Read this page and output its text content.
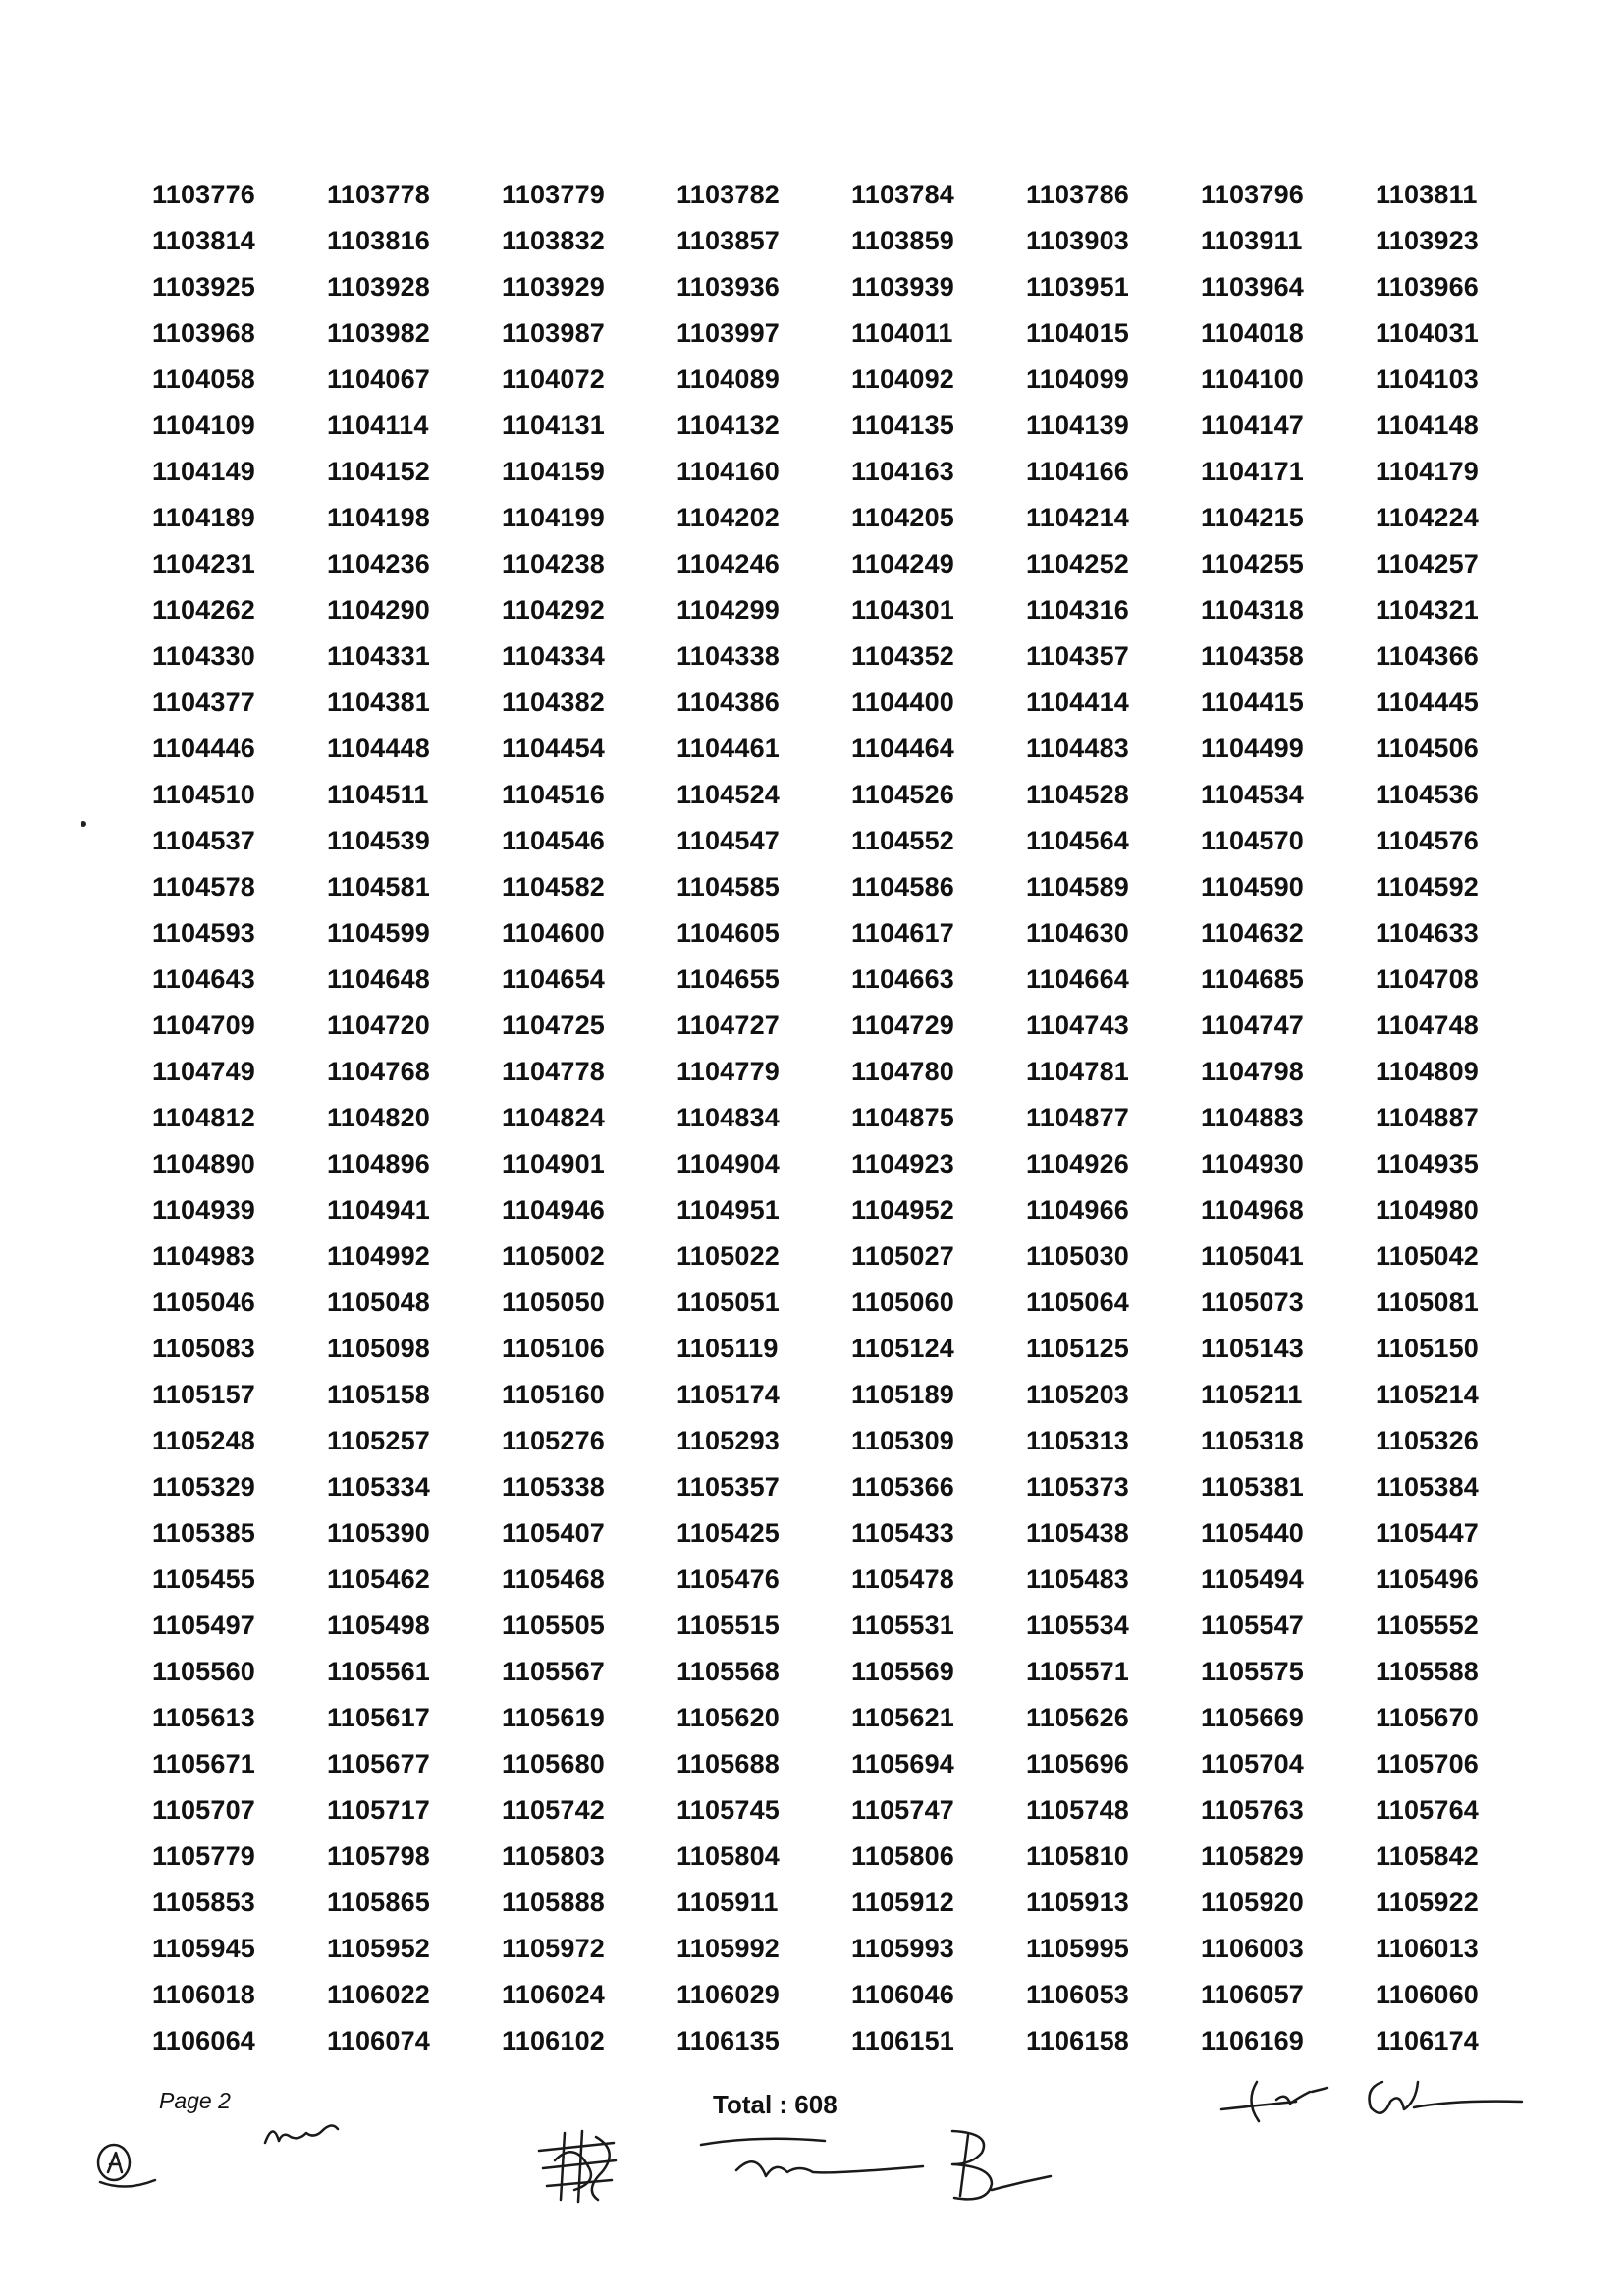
1103776	1103778	1103779	1103782	1103784	1103786	1103796	1103811
1103814	1103816	1103832	1103857	1103859	1103903	1103911	1103923
1103925	1103928	1103929	1103936	1103939	1103951	1103964	1103966
1103968	1103982	1103987	1103997	1104011	1104015	1104018	1104031
1104058	1104067	1104072	1104089	1104092	1104099	1104100	1104103
1104109	1104114	1104131	1104132	1104135	1104139	1104147	1104148
1104149	1104152	1104159	1104160	1104163	1104166	1104171	1104179
1104189	1104198	1104199	1104202	1104205	1104214	1104215	1104224
1104231	1104236	1104238	1104246	1104249	1104252	1104255	1104257
1104262	1104290	1104292	1104299	1104301	1104316	1104318	1104321
1104330	1104331	1104334	1104338	1104352	1104357	1104358	1104366
1104377	1104381	1104382	1104386	1104400	1104414	1104415	1104445
1104446	1104448	1104454	1104461	1104464	1104483	1104499	1104506
1104510	1104511	1104516	1104524	1104526	1104528	1104534	1104536
1104537	1104539	1104546	1104547	1104552	1104564	1104570	1104576
1104578	1104581	1104582	1104585	1104586	1104589	1104590	1104592
1104593	1104599	1104600	1104605	1104617	1104630	1104632	1104633
1104643	1104648	1104654	1104655	1104663	1104664	1104685	1104708
1104709	1104720	1104725	1104727	1104729	1104743	1104747	1104748
1104749	1104768	1104778	1104779	1104780	1104781	1104798	1104809
1104812	1104820	1104824	1104834	1104875	1104877	1104883	1104887
1104890	1104896	1104901	1104904	1104923	1104926	1104930	1104935
1104939	1104941	1104946	1104951	1104952	1104966	1104968	1104980
1104983	1104992	1105002	1105022	1105027	1105030	1105041	1105042
1105046	1105048	1105050	1105051	1105060	1105064	1105073	1105081
1105083	1105098	1105106	1105119	1105124	1105125	1105143	1105150
1105157	1105158	1105160	1105174	1105189	1105203	1105211	1105214
1105248	1105257	1105276	1105293	1105309	1105313	1105318	1105326
1105329	1105334	1105338	1105357	1105366	1105373	1105381	1105384
1105385	1105390	1105407	1105425	1105433	1105438	1105440	1105447
1105455	1105462	1105468	1105476	1105478	1105483	1105494	1105496
1105497	1105498	1105505	1105515	1105531	1105534	1105547	1105552
1105560	1105561	1105567	1105568	1105569	1105571	1105575	1105588
1105613	1105617	1105619	1105620	1105621	1105626	1105669	1105670
1105671	1105677	1105680	1105688	1105694	1105696	1105704	1105706
1105707	1105717	1105742	1105745	1105747	1105748	1105763	1105764
1105779	1105798	1105803	1105804	1105806	1105810	1105829	1105842
1105853	1105865	1105888	1105911	1105912	1105913	1105920	1105922
1105945	1105952	1105972	1105992	1105993	1105995	1106003	1106013
1106018	1106022	1106024	1106029	1106046	1106053	1106057	1106060
1106064	1106074	1106102	1106135	1106151	1106158	1106169	1106174
Page 2	Total : 608
